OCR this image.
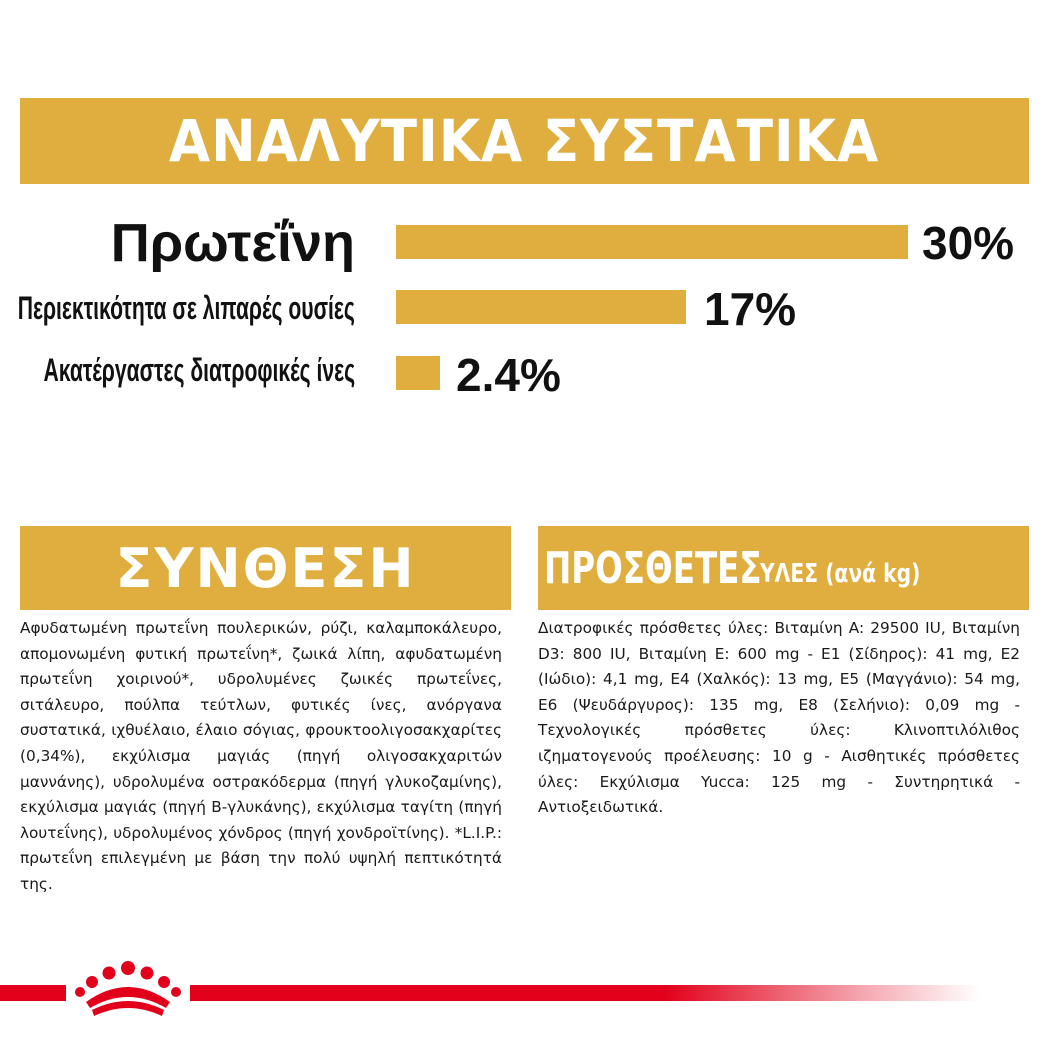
ΑΝΑΛΥΤΙΚΑ ΣΥΣΤΑΤΙΚΑ
Πρωτεΐνη	30%
Περιεκτικότητα σε λιπαρές ουσίες	17%
Ακατέργαστες διατροφικές ίνες 2.4%
ΣΥΝΘΕΣΗ
Αφυδατωμένη πρωτεΐνη πουλερικών, ρύζι, καλαμποκάλευρο, απομονωμένη φυτική πρωτεΐνη*, ζωικά λίπη, αφυδατωμένη πρωτεΐνη χοιρινού*, υδρολυμένες ζωικές πρωτεΐνες, σιτάλευρο, πούλπα τεύτλων, φυτικές ίνες, ανόργανα συστατικά, ιχθυέλαιο, έλαιο σόγιας, φρουκτοολιγοσακχαρίτες (0,34%), εκχύλισμα μαγιάς (πηγή ολιγοσακχαριτών μαννάνης), υδρολυμένα οστρακόδερμα (πηγή γλυκοζαμίνης), εκχύλισμα μαγιάς (πηγή Β-γλυκάνης), εκχύλισμα ταγίτη (πηγή λουτεΐνης), υδρολυμένος χόνδρος (πηγή χονδροϊτίνης). *L.I.P.: πρωτεΐνη επιλεγμένη με βάση την πολύ υψηλή πεπτικότητά της.
ΠΡΟΣΘΕΤΕΣ
ΥΛΕΣ (ανά kg)
Διατροφικές πρόσθετες ύλες: Βιταμίνη A: 29500 IU, Βιταμίνη D3: 800 IU, Βιταμίνη E: 600 mg - E1 (Σίδηρος): 41 mg, E2 (Ιώδιο): 4,1 mg, E4 (Χαλκός): 13 mg, E5 (Μαγγάνιο): 54 mg, E6 (Ψευδάργυρος): 135 mg, E8 (Σελήνιο): 0,09 mg - Τεχνολογικές πρόσθετες ύλες: Κλινοπτιλόλιθος ιζηματογενούς προέλευσης: 10 g - Αισθητικές πρόσθετες ύλες: Εκχύλισμα Yucca: 125 mg - Συντηρητικά - Αντιοξειδωτικά.
